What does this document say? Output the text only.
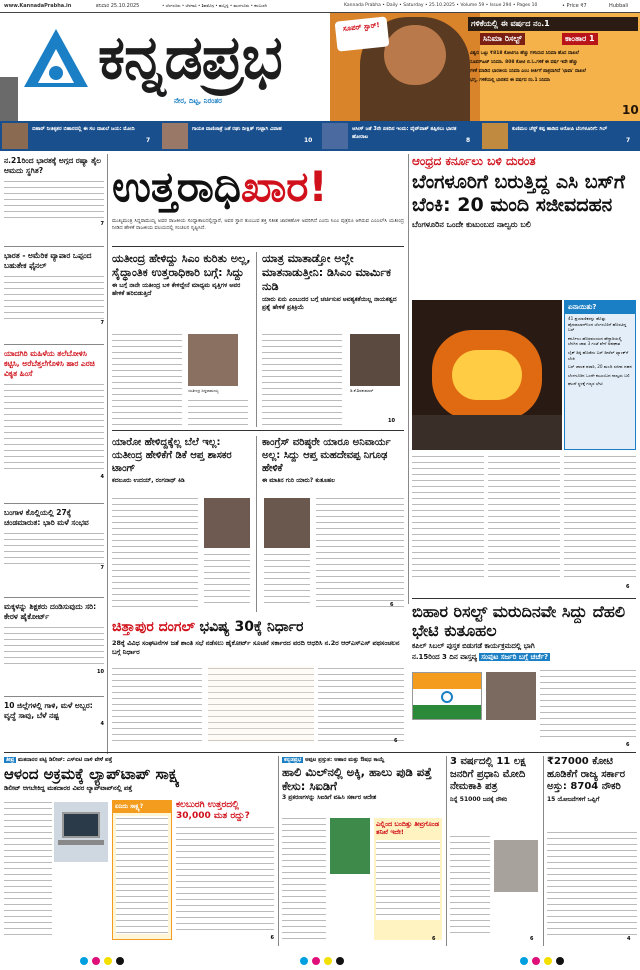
www.KannadaPrabha.in	ಶನಿವಾರ 25.10.2025	• ಬೆಂಗಳೂರು • ಬೆಳಗಾವಿ • ಶಿವಮೊಗ್ಗ • ಹುಬ್ಬಳ್ಳಿ • ಮಂಗಳೂರು • ಕಲಬುರಗಿ	Kannada Prabha • Daily • Saturday • 25.10.2025 • Volume 59 • Issue 294 • Pages 10	• Price ₹7	Hubbali
ಕನ್ನಡಪ್ರಭ
ನೇರ, ದಿಟ್ಟ, ನಿರಂತರ
ಸೂಪರ್ ಸ್ಟಾರ್!	ಗಳಿಕೆಯಲ್ಲಿ ಈ ವರ್ಷದ ನಂ.1
ಸಿನಿಮಾ ರಿಸಲ್ಟ್	ಕಾಂತಾರ 1
ವಿಶ್ವದ ಒಟ್ಟು ₹818 ಕೋಟಿಗೂ ಹೆಚ್ಚು ಗಳಿಸಿರುವ ಸಿನಿಮಾ ಹೊಸ ದಾಖಲೆ
ಸೂಪರ್‌ಹಿಟ್ ಸಿನಿಮಾ. 808 ಕೋಟಿ ಬಿ.ಓ.ಗಳಿಕೆ ಈ ವರ್ಷ ಇದೇ ಹೆಚ್ಚು
ಗಳಿಕೆ ಮಾಡಿದ ಭಾರತೀಯ ಸಿನಿಮಾ ಎಂಬ ಕೀರ್ತಿಗೆ ಪಾತ್ರವಾಗಿದೆ 'ಛಾವಾ' ದಾಖಲೆ
ಭಗ್ನ, ಗಳಿಕೆಯಲ್ಲಿ ಭಾರತದ ಈ ವರ್ಷದ ನಂ.1 ಸಿನಿಮಾ
10
ಬಿಹಾರ್ ನೀತಿಕೃತರ ಬಿಹಾರದಲ್ಲಿ ಈ ಸಲ ದಾಖಲೆ ಜಯ: ಮೋದಿ
7
ಗಾಯಕಿ ವಾಣಿಜಾತ್ರೆ ಜತೆ ರಘು ದೀಕ್ಷಿತ್ ಗುಟ್ಟಾಗಿ ವಿವಾಹ
10
ಆಸೀಸ್ ಜತೆ 3ನೇ ಏಕದಿನ ಇಂದು: ವೈಟ್‌ವಾಶ್ ತಪ್ಪಿಸಲು ಭಾರತ ಹೋರಾಟ	8
ಕುಣಿಮಲ ಚೆಸ್ಟ್ ಕಪ್ಪ ಹಾಡಿದ ಆರೋಪಿ ಬೆಂಗಳೂರಿಗೆ: ಗಿಲ್
7
ನ.21ರಿಂದ ಭಾರತಕ್ಕೆ ಅಗ್ಗದ ರಷ್ಯಾ ತೈಲ ಆಮದು ಸ್ಥಗಿತ?
7
ಭಾರತ - ಅಮೆರಿಕ ವ್ಯಾಪಾರ ಒಪ್ಪಂದ ಬಹುತೇಕ ಫೈನಲ್
7
ಯಾದಗಿರಿ ಮಹಿಳೆಯ ತಲೆಬೋಳಿಸಿ ಕಟ್ಟಿಸಿ, ಅರೆಬೆತ್ತಲೆಗೊಳಿಸಿ ಹಾರ ಎರಚಿ ವಿಕೃತ ಹಿಂಸೆ
4
ಬಂಗಾಳ ಕೊಲ್ಲಿಯಲ್ಲಿ 27ಕ್ಕೆ ಚಂಡಮಾರುತ: ಭಾರಿ ಮಳೆ ಸಂಭವ
7
ಮಕ್ಕಳನ್ನು ಶಿಕ್ಷಕರು ದಂಡಿಸುವುದು ಸರಿ: ಕೇರಳ ಹೈಕೋರ್ಟ್
10
10 ಜಿಲ್ಲೆಗಳಲ್ಲಿ ಗಾಳಿ, ಮಳೆ ಅಬ್ಬರ: ವೃದ್ಧೆ ಸಾವು, ಬೆಳೆ ನಷ್ಟ
4
ಉತ್ತರಾಧಿಖಾರ!
ಮುಖ್ಯಮಂತ್ರಿ ಸಿದ್ದರಾಮಯ್ಯ ಅವರ ರಾಜಕೀಯ ಸಂಧ್ಯಾಕಾಲದಲ್ಲಿದ್ದಾರೆ, ಅವರ ಸ್ಥಾನ ತುಂಬುವ ಶಕ್ತಿ ಸತೀಶ ಜಾರಕಿಹೊಳಿ ಅವರಿಗಿದೆ ಎಂದು ಸಿಎಂ ಪುತ್ರರೂ ಆಗಿರುವ ಎಂಎಲ್‌ಸಿ ಯತೀಂದ್ರ ನೀಡಿದ ಹೇಳಿಕೆ ರಾಜಕೀಯ ವಲಯದಲ್ಲಿ ಸಂಚಲನ ಸೃಷ್ಟಿಸಿದೆ.
ಯತೀಂದ್ರ ಹೇಳಿದ್ದು ಸಿಎಂ ಕುರಿತು ಅಲ್ಲ, ಸೈದ್ಧಾಂತಿಕ ಉತ್ತರಾಧಿಕಾರಿ ಬಗ್ಗೆ: ಸಿದ್ದು
ಈ ಬಗ್ಗೆ ನಾನೇ ಯತೀಂದ್ರ ಬಳಿ ಕೇಳಿದ್ದೇನೆ ಮಾಧ್ಯಮ ವೃತ್ತಿಗಳ ಅವರ ಹೇಳಿಕೆ ಹರಿಬಿಡುತ್ತಿದೆ
ಯತೀಂದ್ರ ಸಿದ್ದರಾಮಯ್ಯ
ಯಾತ್ರ ಮಾತಾಡ್ತೋ ಅಲ್ಲೇ ಮಾತನಾಡುತ್ತೀನಿ: ಡಿಸಿಎಂ ಮಾರ್ಮಿಕ ನುಡಿ
ಯಾರು ಏನು ಎಂಬುದರ ಬಗ್ಗೆ ಚರ್ಚಿಸುವ ಅವಶ್ಯಕತೆಯಿಲ್ಲ ನಾಯಕತ್ವದ ಪ್ರಶ್ನೆ ಹೇಳಿಕೆ ಪ್ರತಿಕ್ರಿಯೆ
ಡಿ.ಕೆ.ಶಿವಕುಮಾರ್
10
ಯಾರೋ ಹೇಳಿದ್ದಕ್ಕೆಲ್ಲ ಬೆಲೆ ಇಲ್ಲ: ಯತೀಂದ್ರ ಹೇಳಿಕೆಗೆ ಡಿಕೆ ಆಪ್ತ ಶಾಸಕರ ಟಾಂಗ್
ಕದಲೂರು ಉದಯ್, ರಂಗನಾಥ್ ಕಿಡಿ
ಕಾಂಗ್ರೆಸ್ ವರಿಷ್ಠರೇ ಯಾರೂ ಅನಿವಾರ್ಯ ಅಲ್ಲ: ಸಿದ್ದು ಆಪ್ತ ಮಹದೇವಪ್ಪ ನಿಗೂಢ ಹೇಳಿಕೆ
ಈ ಮಾತಿನ ಗುರಿ ಯಾರು? ಕುತೂಹಲ
6
ಆಂಧ್ರದ ಕರ್ನೂಲು ಬಳಿ ದುರಂತ
ಬೆಂಗಳೂರಿಗೆ ಬರುತ್ತಿದ್ದ ಎಸಿ ಬಸ್‌ಗೆ ಬೆಂಕಿ: 20 ಮಂದಿ ಸಜೀವದಹನ
ಬೆಂಗಳೂರಿನ ಒಂದೇ ಕುಟುಂಬದ ನಾಲ್ವರು ಬಲಿ
ಏನಾಯಿತು?
41 ಪ್ರಯಾಣಿಕರನ್ನು ಹೊತ್ತು ಹೈದರಾಬಾದ್‌ನಿಂದ ಬೆಂಗಳೂರಿಗೆ ಹೊರಟಿದ್ದ ಬಸ್
ಕರ್ನೂಲು ಹೊರವಲಯದ ಹೆದ್ದಾರಿಯಲ್ಲಿ ಬೆಳಗಿನ ಜಾವ 3 ಗಂಟೆ ವೇಳೆ ಅಪಘಾತ
ಬೈಕ್ ಡಿಕ್ಕಿ ಹೊಡೆದು ಬಸ್ ಡೀಸೆಲ್ ಟ್ಯಾಂಕ್‌ಗೆ ಬೆಂಕಿ
ಬಸ್ ಚಾಲಕ ಪರಾರಿ, 20 ಮಂದಿ ಸಜೀವ ದಹನ
ಬೆಂಗಳೂರಿನ ಒಂದೇ ಕುಟುಂಬದ ನಾಲ್ವರು ಬಲಿ
ಘಟನೆ ಸ್ಥಳಕ್ಕೆ ಗಣ್ಯರ ಭೇಟಿ
6
ಬಿಹಾರ ರಿಸಲ್ಟ್ ಮರುದಿನವೇ ಸಿದ್ದು ದೆಹಲಿ ಭೇಟಿ ಕುತೂಹಲ
ಕಪಿಲ್ ಸಿಬಲ್ ಪುಸ್ತಕ ಬಿಡುಗಡೆ ಕಾರ್ಯಕ್ರಮದಲ್ಲಿ ಭಾಗಿ
ನ.15ರಿಂದ 3 ದಿನ ವಾಸ್ತವ್ಯ ಸಂಪುಟ ಸರ್ಜರಿ ಬಗ್ಗೆ ಚರ್ಚೆ?
6
ಚಿತ್ತಾಪುರ ದಂಗಲ್ ಭವಿಷ್ಯ 30ಕ್ಕೆ ನಿರ್ಧಾರ
28ಕ್ಕೆ ವಿವಿಧ ಸಂಘಟನೆಗಳ ಜತೆ ಶಾಂತಿ ಸಭೆ ನಡೆಸಲು ಹೈಕೋರ್ಟ್ ಸೂಚನೆ ಸರ್ಕಾರದ ವರದಿ ಆಧರಿಸಿ ನ.2ರ ಆರ್‌ಎಸ್‌ಎಸ್ ಪಥಸಂಚಲನ ಬಗ್ಗೆ ನಿರ್ಧಾರ
6
ತೀವ್ರ ಮತದಾರರ ಪಟ್ಟಿ ಡಿಲೀಟ್: ಎಸ್‌ಐಟಿ ದಾಳಿ ವೇಳೆ ಪತ್ತೆ
ಆಳಂದ ಅಕ್ರಮಕ್ಕೆ ಲ್ಯಾಪ್‌ಟಾಪ್ ಸಾಕ್ಷ್ಯ
ಡಿಲೀಟ್ ಆಗಬೇಕಿದ್ದ ಮತದಾರರ ವಿವರ ಲ್ಯಾಪ್‌ಟಾಪ್‌ನಲ್ಲಿ ಪತ್ತೆ
ಏನಿದು ಸಾಕ್ಷ್ಯ?	ಕಲಬುರಗಿ ಉತ್ತರದಲ್ಲಿ 30,000 ಮತ ರದ್ದು?
6
ಕನ್ನಡಪ್ರಭ ಅಪ್ಪಟ ಪ್ರಸ್ತುತ: ಆಹಾರ ಮತ್ತು ಔಷಧ ಕಾಯ್ದೆ
ಹಾಲಿ ಮಿಲ್‌ನಲ್ಲಿ ಅಕ್ಕಿ, ಹಾಲು ಪುಡಿ ಪತ್ತೆ ಕೇಸು: ಸಿಐಡಿಗೆ
3 ಪ್ರಕರಣಗಳನ್ನು ಸಿಐಡಿಗೆ ವಹಿಸಿ ಸರ್ಕಾರ ಆದೇಶ
ಎಲ್ಲಿಂದ ಬಂದಿತ್ತು ತೀವ್ರಗೊಂಡ ತನಿಖೆ ಇದೇ!
6
3 ವರ್ಷದಲ್ಲಿ 11 ಲಕ್ಷ ಜನರಿಗೆ ಪ್ರಧಾನಿ ಮೋದಿ ನೇಮಕಾತಿ ಪತ್ರ
ನಿನ್ನೆ 51000 ಜನಕ್ಕೆ ನೌಕರಿ
6
₹27000 ಕೋಟಿ ಹೂಡಿಕೆಗೆ ರಾಜ್ಯ ಸರ್ಕಾರ ಅಸ್ತು: 8704 ನೌಕರಿ
15 ಯೋಜನೆಗಳಿಗೆ ಒಪ್ಪಿಗೆ
4
